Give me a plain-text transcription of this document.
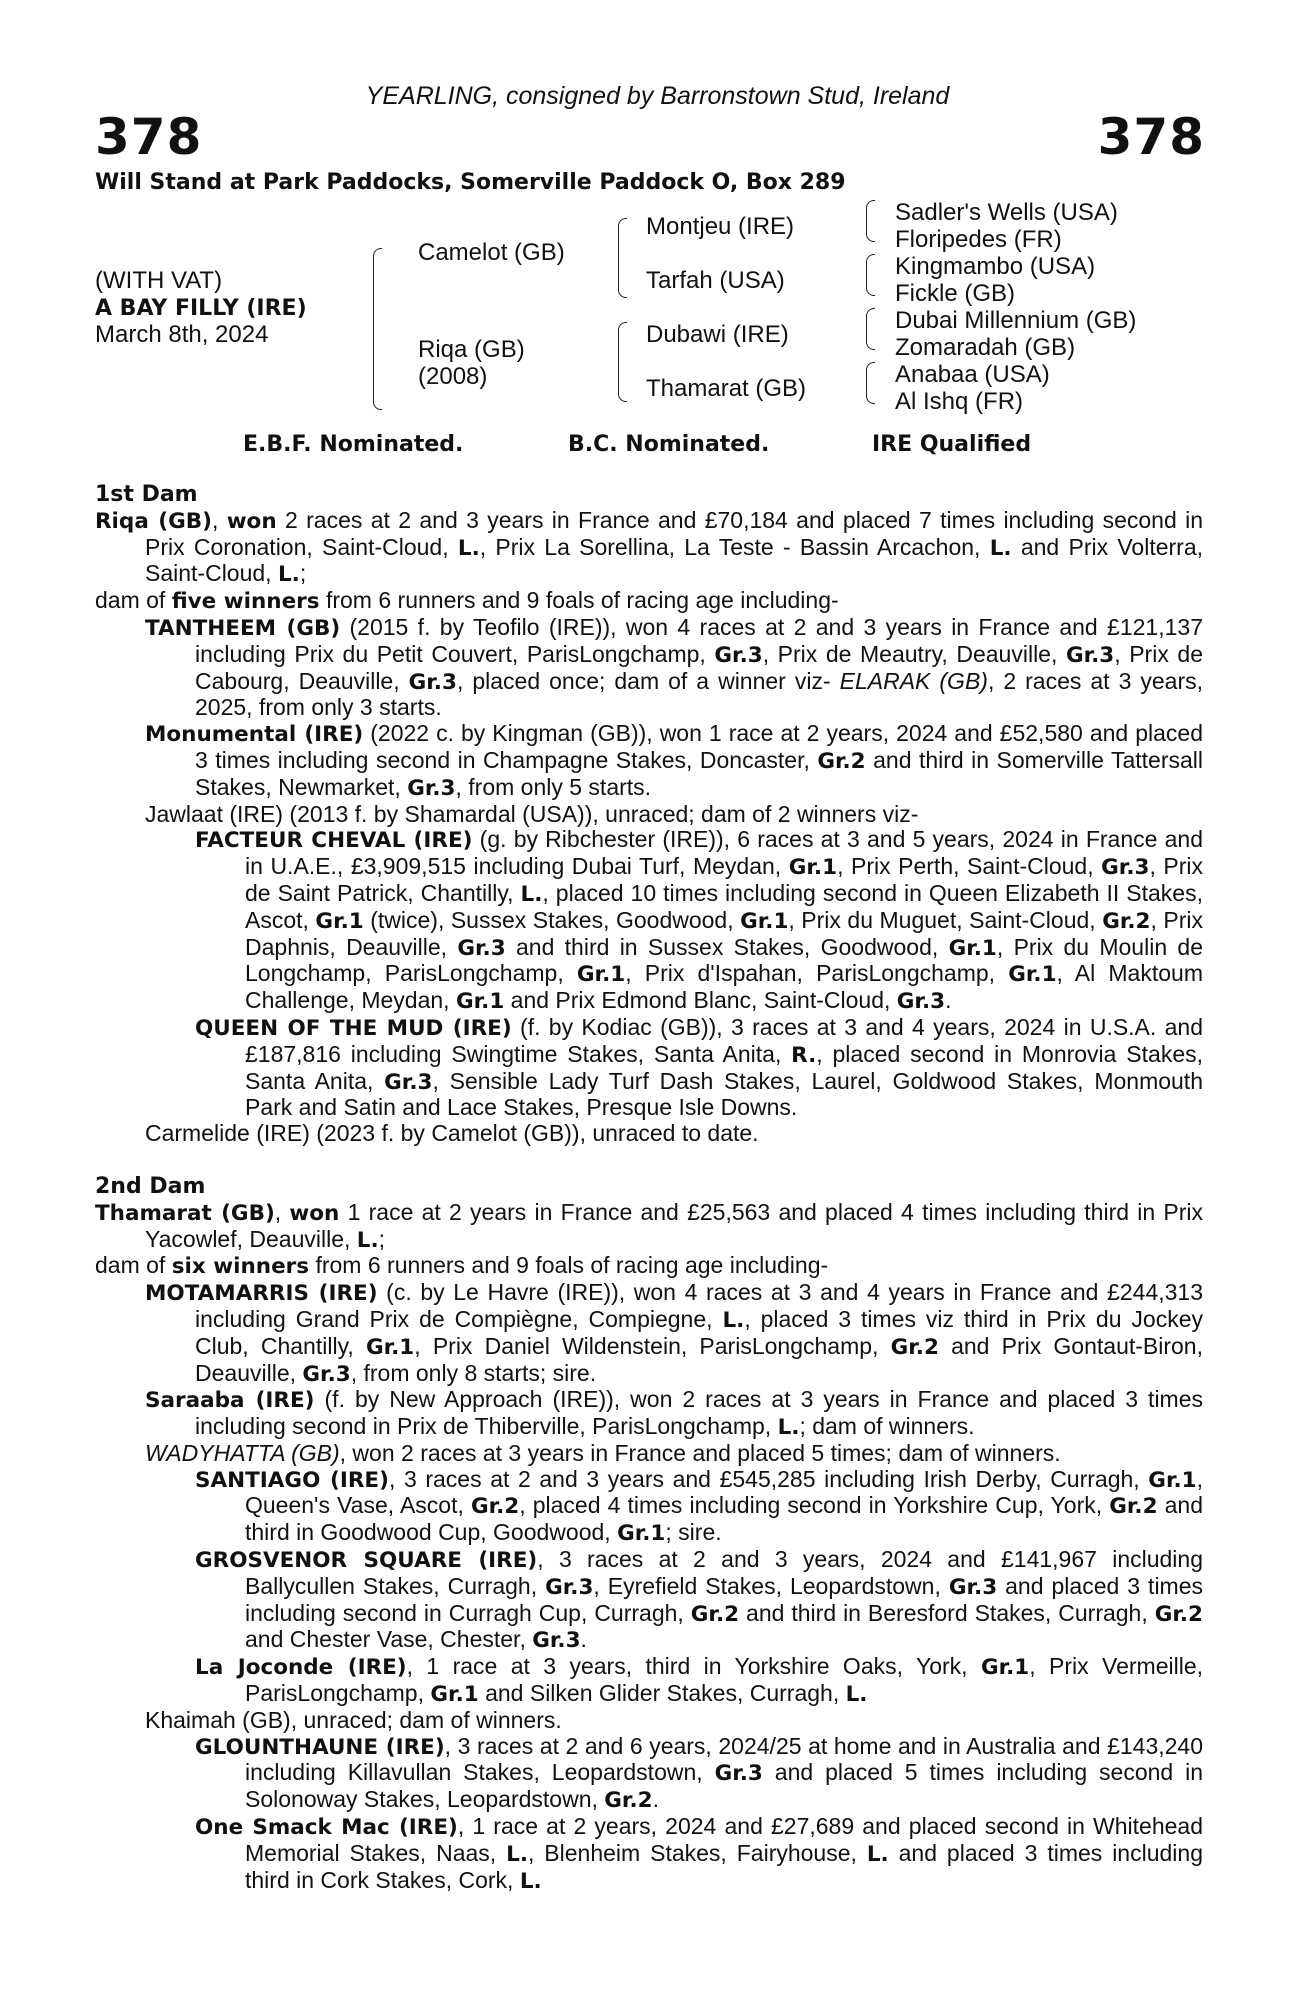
378	378
YEARLING, consigned by Barronstown Stud, Ireland
Will Stand at Park Paddocks, Somerville Paddock O, Box 289
(WITH VAT)
A BAY FILLY (IRE)
March 8th, 2024
Camelot (GB)
Riqa (GB)
(2008)
Montjeu (IRE)
Tarfah (USA)
Dubawi (IRE)
Thamarat (GB)
Sadler's Wells (USA)
Floripedes (FR)
Kingmambo (USA)
Fickle (GB)
Dubai Millennium (GB)
Zomaradah (GB)
Anabaa (USA)
Al Ishq (FR)
E.B.F. Nominated.	B.C. Nominated.	IRE Qualified

1st Dam

Riqa (GB), won 2 races at 2 and 3 years in France and £70,184 and placed 7 times including second in Prix Coronation, Saint-Cloud, L., Prix La Sorellina, La Teste - Bassin Arcachon, L. and Prix Volterra, Saint-Cloud, L.;

dam of five winners from 6 runners and 9 foals of racing age including-

TANTHEEM (GB) (2015 f. by Teofilo (IRE)), won 4 races at 2 and 3 years in France and £121,137 including Prix du Petit Couvert, ParisLongchamp, Gr.3, Prix de Meautry, Deauville, Gr.3, Prix de Cabourg, Deauville, Gr.3, placed once; dam of a winner viz- ELARAK (GB), 2 races at 3 years, 2025, from only 3 starts.

Monumental (IRE) (2022 c. by Kingman (GB)), won 1 race at 2 years, 2024 and £52,580 and placed 3 times including second in Champagne Stakes, Doncaster, Gr.2 and third in Somerville Tattersall Stakes, Newmarket, Gr.3, from only 5 starts.

Jawlaat (IRE) (2013 f. by Shamardal (USA)), unraced; dam of 2 winners viz-

FACTEUR CHEVAL (IRE) (g. by Ribchester (IRE)), 6 races at 3 and 5 years, 2024 in France and in U.A.E., £3,909,515 including Dubai Turf, Meydan, Gr.1, Prix Perth, Saint-Cloud, Gr.3, Prix de Saint Patrick, Chantilly, L., placed 10 times including second in Queen Elizabeth II Stakes, Ascot, Gr.1 (twice), Sussex Stakes, Goodwood, Gr.1, Prix du Muguet, Saint-Cloud, Gr.2, Prix Daphnis, Deauville, Gr.3 and third in Sussex Stakes, Goodwood, Gr.1, Prix du Moulin de Longchamp, ParisLongchamp, Gr.1, Prix d'Ispahan, ParisLongchamp, Gr.1, Al Maktoum Challenge, Meydan, Gr.1 and Prix Edmond Blanc, Saint-Cloud, Gr.3.

QUEEN OF THE MUD (IRE) (f. by Kodiac (GB)), 3 races at 3 and 4 years, 2024 in U.S.A. and £187,816 including Swingtime Stakes, Santa Anita, R., placed second in Monrovia Stakes, Santa Anita, Gr.3, Sensible Lady Turf Dash Stakes, Laurel, Goldwood Stakes, Monmouth Park and Satin and Lace Stakes, Presque Isle Downs.

Carmelide (IRE) (2023 f. by Camelot (GB)), unraced to date.

2nd Dam

Thamarat (GB), won 1 race at 2 years in France and £25,563 and placed 4 times including third in Prix Yacowlef, Deauville, L.;

dam of six winners from 6 runners and 9 foals of racing age including-

MOTAMARRIS (IRE) (c. by Le Havre (IRE)), won 4 races at 3 and 4 years in France and £244,313 including Grand Prix de Compiègne, Compiegne, L., placed 3 times viz third in Prix du Jockey Club, Chantilly, Gr.1, Prix Daniel Wildenstein, ParisLongchamp, Gr.2 and Prix Gontaut-Biron, Deauville, Gr.3, from only 8 starts; sire.

Saraaba (IRE) (f. by New Approach (IRE)), won 2 races at 3 years in France and placed 3 times including second in Prix de Thiberville, ParisLongchamp, L.; dam of winners.

WADYHATTA (GB), won 2 races at 3 years in France and placed 5 times; dam of winners.

SANTIAGO (IRE), 3 races at 2 and 3 years and £545,285 including Irish Derby, Curragh, Gr.1, Queen's Vase, Ascot, Gr.2, placed 4 times including second in Yorkshire Cup, York, Gr.2 and third in Goodwood Cup, Goodwood, Gr.1; sire.

GROSVENOR SQUARE (IRE), 3 races at 2 and 3 years, 2024 and £141,967 including Ballycullen Stakes, Curragh, Gr.3, Eyrefield Stakes, Leopardstown, Gr.3 and placed 3 times including second in Curragh Cup, Curragh, Gr.2 and third in Beresford Stakes, Curragh, Gr.2 and Chester Vase, Chester, Gr.3.

La Joconde (IRE), 1 race at 3 years, third in Yorkshire Oaks, York, Gr.1, Prix Vermeille, ParisLongchamp, Gr.1 and Silken Glider Stakes, Curragh, L.

Khaimah (GB), unraced; dam of winners.

GLOUNTHAUNE (IRE), 3 races at 2 and 6 years, 2024/25 at home and in Australia and £143,240 including Killavullan Stakes, Leopardstown, Gr.3 and placed 5 times including second in Solonoway Stakes, Leopardstown, Gr.2.

One Smack Mac (IRE), 1 race at 2 years, 2024 and £27,689 and placed second in Whitehead Memorial Stakes, Naas, L., Blenheim Stakes, Fairyhouse, L. and placed 3 times including third in Cork Stakes, Cork, L.
